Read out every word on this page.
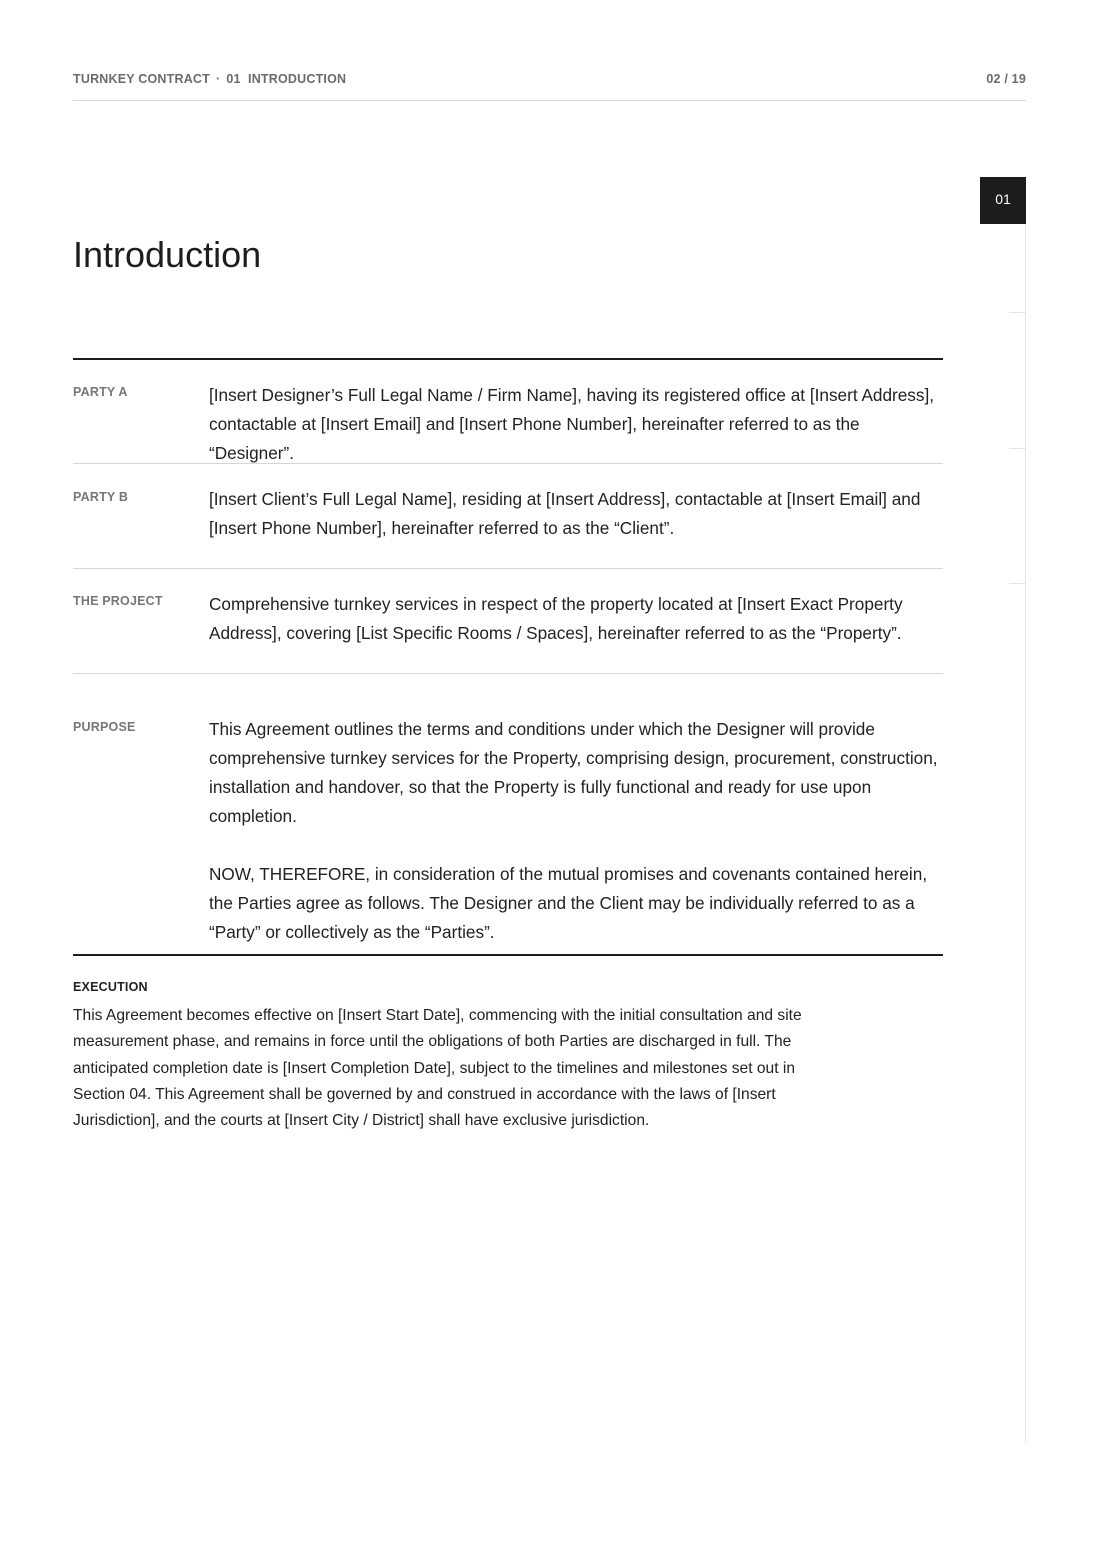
TURNKEY CONTRACT · 01  INTRODUCTION	02 / 19
01
Introduction
PARTY A	[Insert Designer’s Full Legal Name / Firm Name], having its registered office at [Insert Address], contactable at [Insert Email] and [Insert Phone Number], hereinafter referred to as the “Designer”.

PARTY B	[Insert Client’s Full Legal Name], residing at [Insert Address], contactable at [Insert Email] and [Insert Phone Number], hereinafter referred to as the “Client”.

THE PROJECT	Comprehensive turnkey services in respect of the property located at [Insert Exact Property Address], covering [List Specific Rooms / Spaces], hereinafter referred to as the “Property”.

PURPOSE	This Agreement outlines the terms and conditions under which the Designer will provide comprehensive turnkey services for the Property, comprising design, procurement, construction, installation and handover, so that the Property is fully functional and ready for use upon completion.

NOW, THEREFORE, in consideration of the mutual promises and covenants contained herein, the Parties agree as follows. The Designer and the Client may be individually referred to as a “Party” or collectively as the “Parties”.

EXECUTION

This Agreement becomes effective on [Insert Start Date], commencing with the initial consultation and site measurement phase, and remains in force until the obligations of both Parties are discharged in full. The anticipated completion date is [Insert Completion Date], subject to the timelines and milestones set out in Section 04. This Agreement shall be governed by and construed in accordance with the laws of [Insert Jurisdiction], and the courts at [Insert City / District] shall have exclusive jurisdiction.
